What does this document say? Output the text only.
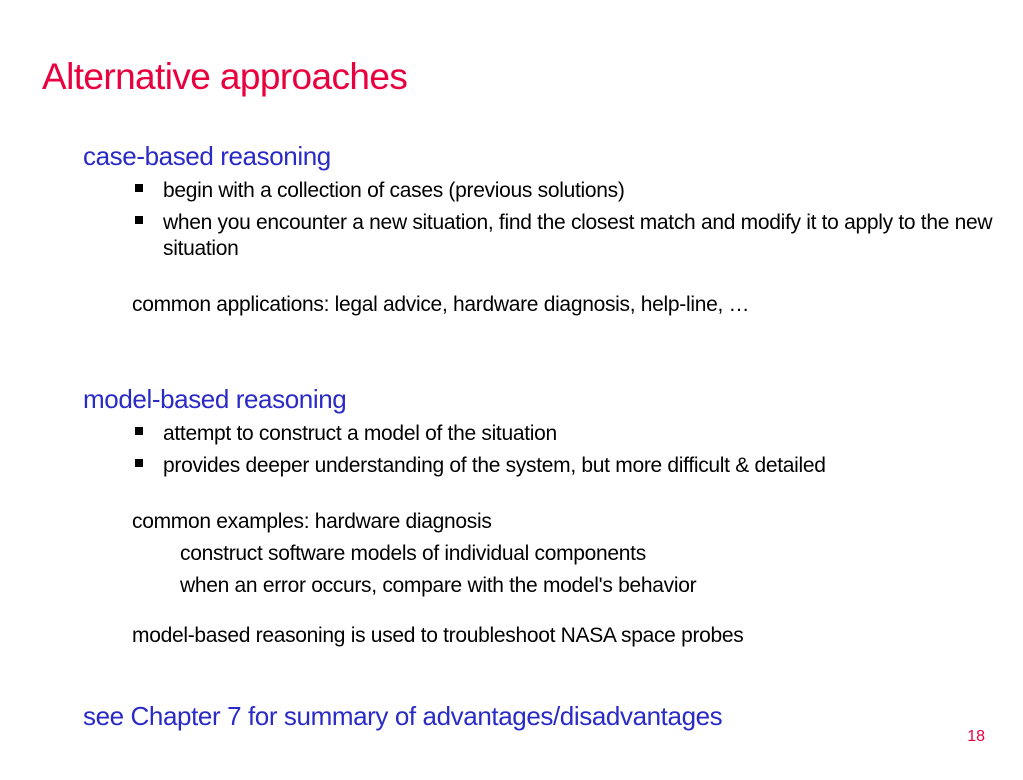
Alternative approaches
case-based reasoning
begin with a collection of cases (previous solutions)
when you encounter a new situation, find the closest match and modify it to apply to the new situation
common applications: legal advice, hardware diagnosis, help-line, …
model-based reasoning
attempt to construct a model of the situation
provides deeper understanding of the system, but more difficult & detailed
common examples: hardware diagnosis
construct software models of individual components
when an error occurs, compare with the model's behavior
model-based reasoning is used to troubleshoot NASA space probes
see Chapter 7 for summary of advantages/disadvantages
18
